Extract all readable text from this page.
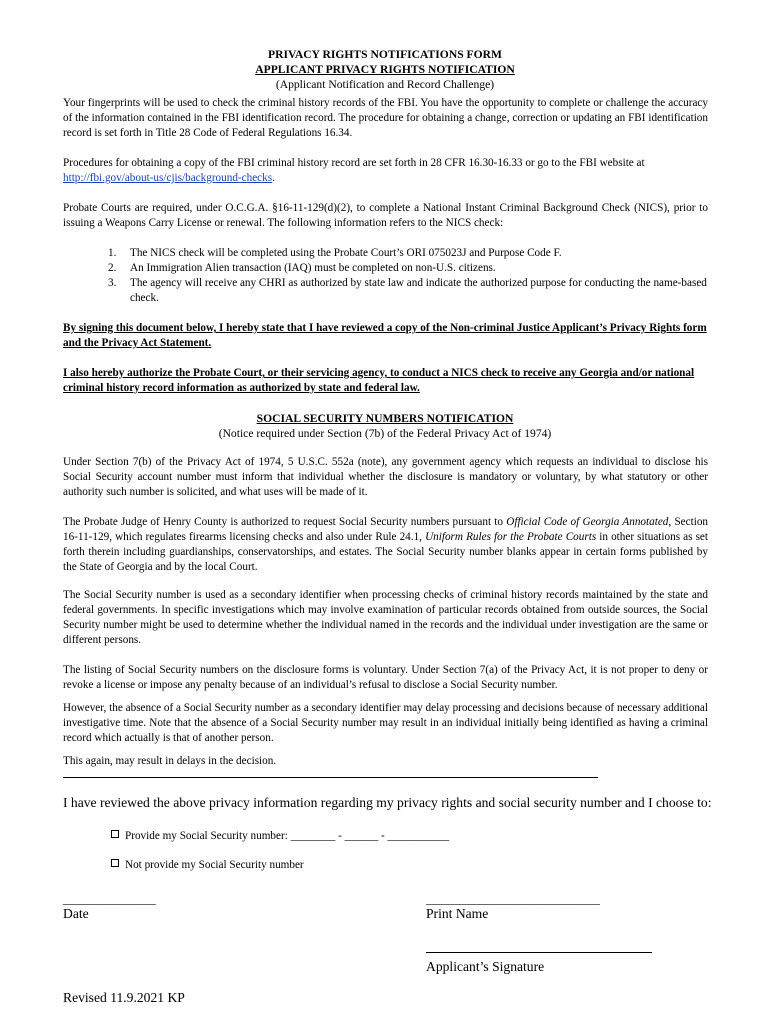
PRIVACY RIGHTS NOTIFICATIONS FORM

APPLICANT PRIVACY RIGHTS NOTIFICATION

(Applicant Notification and Record Challenge)

Your fingerprints will be used to check the criminal history records of the FBI. You have the opportunity to complete or challenge the accuracy of the information contained in the FBI identification record. The procedure for obtaining a change, correction or updating an FBI identification record is set forth in Title 28 Code of Federal Regulations 16.34.

Procedures for obtaining a copy of the FBI criminal history record are set forth in 28 CFR 16.30-16.33 or go to the FBI website at http://fbi.gov/about-us/cjis/background-checks.

Probate Courts are required, under O.C.G.A. §16-11-129(d)(2), to complete a National Instant Criminal Background Check (NICS), prior to issuing a Weapons Carry License or renewal. The following information refers to the NICS check:

1.	The NICS check will be completed using the Probate Court’s ORI 075023J and Purpose Code F.
2.	An Immigration Alien transaction (IAQ) must be completed on non-U.S. citizens.
3.	The agency will receive any CHRI as authorized by state law and indicate the authorized purpose for conducting the name-based check.

By signing this document below, I hereby state that I have reviewed a copy of the Non-criminal Justice Applicant’s Privacy Rights form and the Privacy Act Statement.

I also hereby authorize the Probate Court, or their servicing agency, to conduct a NICS check to receive any Georgia and/or national criminal history record information as authorized by state and federal law.

SOCIAL SECURITY NUMBERS NOTIFICATION

(Notice required under Section (7b) of the Federal Privacy Act of 1974)

Under Section 7(b) of the Privacy Act of 1974, 5 U.S.C. 552a (note), any government agency which requests an individual to disclose his Social Security account number must inform that individual whether the disclosure is mandatory or voluntary, by what statutory or other authority such number is solicited, and what uses will be made of it.

The Probate Judge of Henry County is authorized to request Social Security numbers pursuant to Official Code of Georgia Annotated, Section 16-11-129, which regulates firearms licensing checks and also under Rule 24.1, Uniform Rules for the Probate Courts in other situations as set forth therein including guardianships, conservatorships, and estates. The Social Security number blanks appear in certain forms published by the State of Georgia and by the local Court.

The Social Security number is used as a secondary identifier when processing checks of criminal history records maintained by the state and federal governments. In specific investigations which may involve examination of particular records obtained from outside sources, the Social Security number might be used to determine whether the individual named in the records and the individual under investigation are the same or different persons.

The listing of Social Security numbers on the disclosure forms is voluntary. Under Section 7(a) of the Privacy Act, it is not proper to deny or revoke a license or impose any penalty because of an individual’s refusal to disclose a Social Security number.

However, the absence of a Social Security number as a secondary identifier may delay processing and decisions because of necessary additional investigative time. Note that the absence of a Social Security number may result in an individual initially being identified as having a criminal record which actually is that of another person.

This again, may result in delays in the decision.

I have reviewed the above privacy information regarding my privacy rights and social security number and I choose to:

Provide my Social Security number: ________ - ______ - ___________

Not provide my Social Security number

________________

Date

______________________________

Print Name

Applicant’s Signature

Revised 11.9.2021 KP
